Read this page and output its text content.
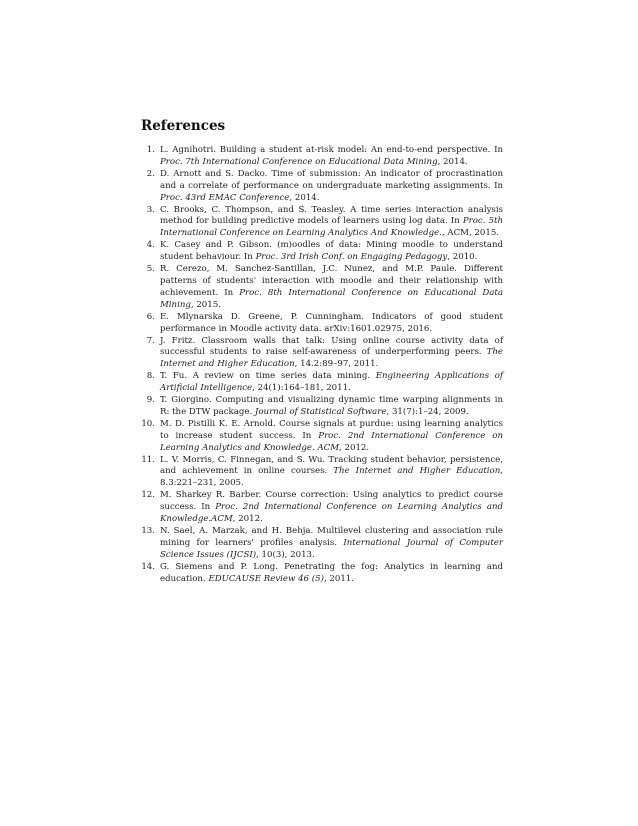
References
1. L. Agnihotri. Building a student at-risk model: An end-to-end perspective. In Proc. 7th International Conference on Educational Data Mining, 2014.
2. D. Arnott and S. Dacko. Time of submission: An indicator of procrastination and a correlate of performance on undergraduate marketing assignments. In Proc. 43rd EMAC Conference, 2014.
3. C. Brooks, C. Thompson, and S. Teasley. A time series interaction analysis method for building predictive models of learners using log data. In Proc. 5th International Conference on Learning Analytics And Knowledge., ACM, 2015.
4. K. Casey and P. Gibson. (m)oodles of data: Mining moodle to understand student behaviour. In Proc. 3rd Irish Conf. on Engaging Pedagogy, 2010.
5. R. Cerezo, M. Sanchez-Santillan, J.C. Nunez, and M.P. Paule. Different patterns of students' interaction with moodle and their relationship with achievement. In Proc. 8th International Conference on Educational Data Mining, 2015.
6. E. Mlynarska D. Greene, P. Cunningham. Indicators of good student performance in Moodle activity data. arXiv:1601.02975, 2016.
7. J. Fritz. Classroom walls that talk: Using online course activity data of successful students to raise self-awareness of underperforming peers. The Internet and Higher Education, 14.2:89–97, 2011.
8. T. Fu. A review on time series data mining. Engineering Applications of Artificial Intelligence, 24(1):164–181, 2011.
9. T. Giorgino. Computing and visualizing dynamic time warping alignments in R: the DTW package. Journal of Statistical Software, 31(7):1–24, 2009.
10. M. D. Pistilli K. E. Arnold. Course signals at purdue: using learning analytics to increase student success. In Proc. 2nd International Conference on Learning Analytics and Knowledge. ACM, 2012.
11. L. V. Morris, C. Finnegan, and S. Wu. Tracking student behavior, persistence, and achievement in online courses. The Internet and Higher Education, 8.3:221–231, 2005.
12. M. Sharkey R. Barber. Course correction: Using analytics to predict course success. In Proc. 2nd International Conference on Learning Analytics and Knowledge.ACM, 2012.
13. N. Sael, A. Marzak, and H. Behja. Multilevel clustering and association rule mining for learners' profiles analysis. International Journal of Computer Science Issues (IJCSI), 10(3), 2013.
14. G. Siemens and P. Long. Penetrating the fog: Analytics in learning and education. EDUCAUSE Review 46 (5), 2011.
